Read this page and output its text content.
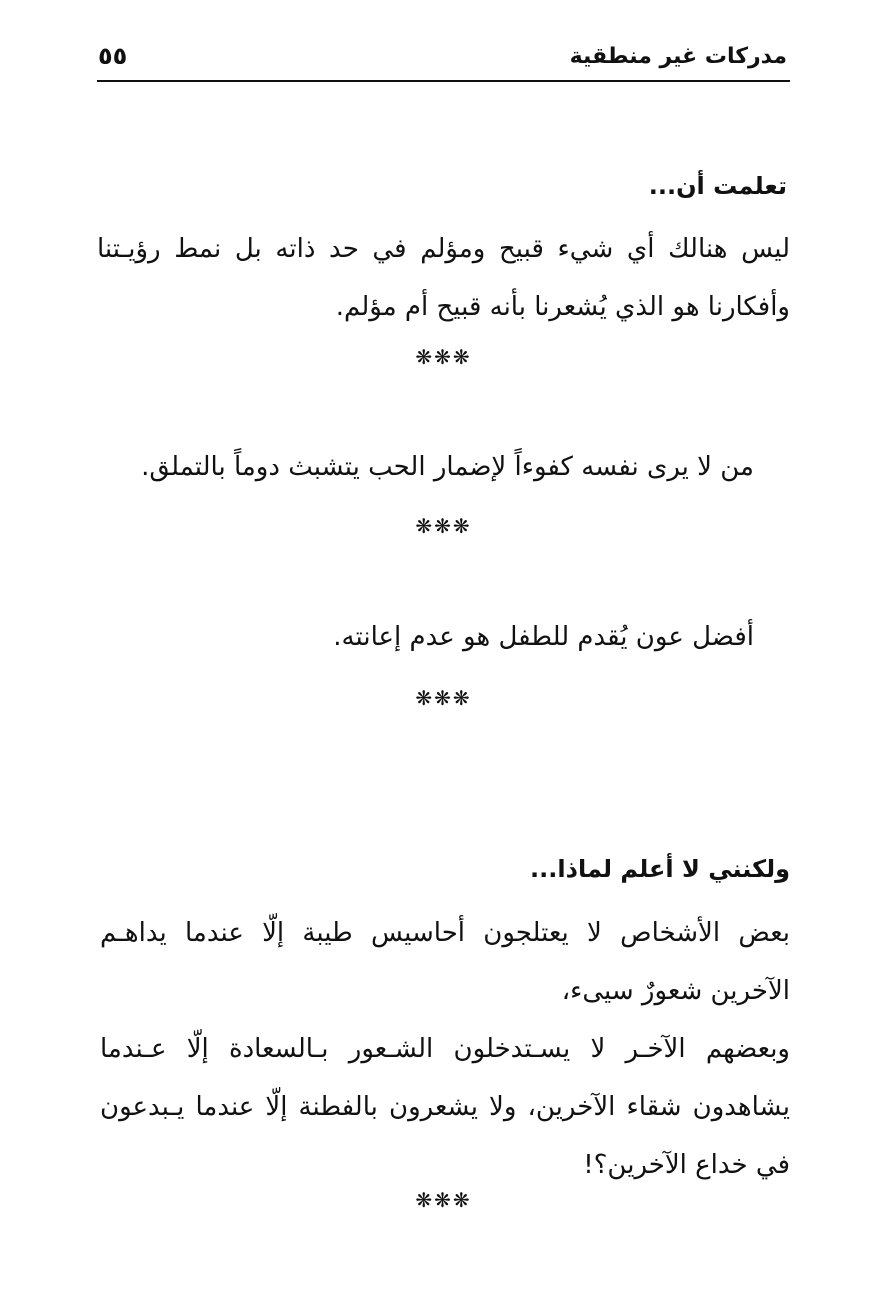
مدركات غير منطقية
٥٥
تعلمت أن...
ليس هنالك أي شيء قبيح ومؤلم في حد ذاته بل نمط رؤيـتنا وأفكارنا هو الذي يُشعرنا بأنه قبيح أم مؤلم.
❋❋❋
من لا يرى نفسه كفوءاً لإضمار الحب يتشبث دوماً بالتملق.
❋❋❋
أفضل عون يُقدم للطفل هو عدم إعانته.
❋❋❋
ولكنني لا أعلم لماذا...
بعض الأشخاص لا يعتلجون أحاسيس طيبة إلّا عندما يداهـم الآخرين شعورٌ سيىء،
وبعضهم الآخـر لا يسـتدخلون الشـعور بـالسعادة إلّا عـندما يشاهدون شقاء الآخرين، ولا يشعرون بالفطنة إلّا عندما يـبدعون في خداع الآخرين؟!
❋❋❋
